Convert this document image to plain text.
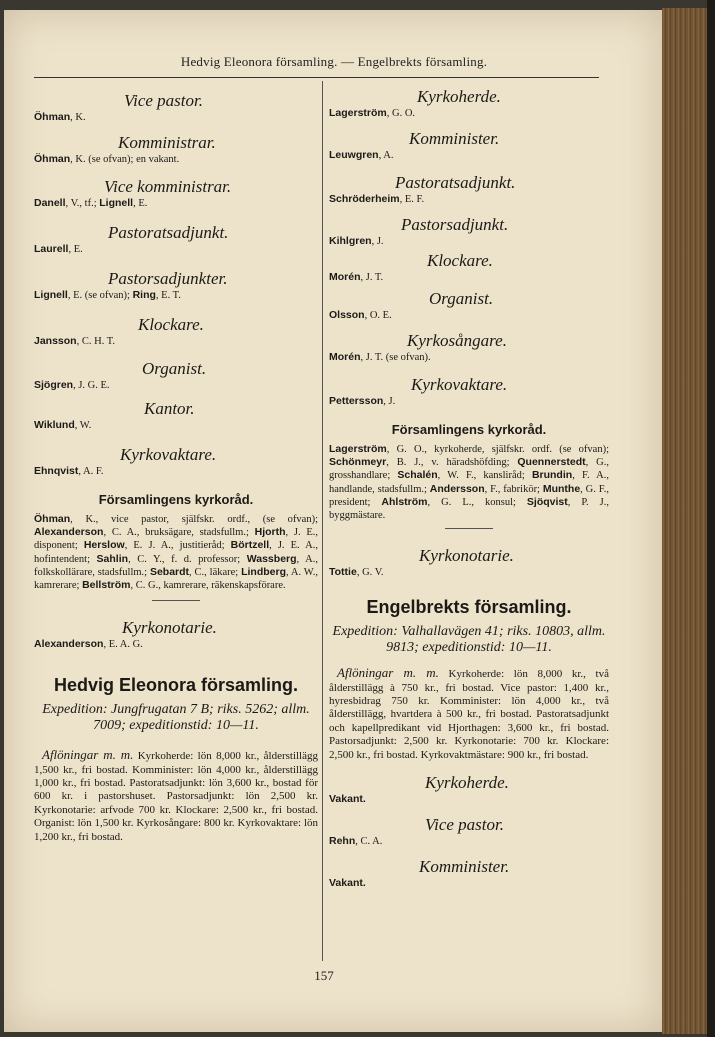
Hedvig Eleonora församling. — Engelbrekts församling.

Vice pastor.

Öhman, K.

Komministrar.

Öhman, K. (se ofvan); en vakant.

Vice komministrar.

Danell, V., tf.; Lignell, E.

Pastoratsadjunkt.

Laurell, E.

Pastorsadjunkter.

Lignell, E. (se ofvan); Ring, E. T.

Klockare.

Jansson, C. H. T.

Organist.

Sjögren, J. G. E.

Kantor.

Wiklund, W.

Kyrkovaktare.

Ehnqvist, A. F.

Församlingens kyrkoråd.

Öhman, K., vice pastor, själfskr. ordf., (se ofvan); Alexanderson, C. A., bruksägare, stadsfullm.; Hjorth, J. E., disponent; Herslow, E. J. A., justitieråd; Börtzell, J. E. A., hofintendent; Sahlin, C. Y., f. d. professor; Wassberg, A., folkskollärare, stadsfullm.; Sebardt, C., läkare; Lindberg, A. W., kamrerare; Bellström, C. G., kamrerare, räkenskapsförare.

Kyrkonotarie.

Alexanderson, E. A. G.

Hedvig Eleonora församling.

Expedition: Jungfrugatan 7 B; riks. 5262; allm. 7009; expeditionstid: 10—11.

Aflöningar m. m. Kyrkoherde: lön 8,000 kr., ålderstillägg 1,500 kr., fri bostad. Komminister: lön 4,000 kr., ålderstillägg 1,000 kr., fri bostad. Pastoratsadjunkt: lön 3,600 kr., bostad för 600 kr. i pastorshuset. Pastorsadjunkt: lön 2,500 kr. Kyrkonotarie: arfvode 700 kr. Klockare: 2,500 kr., fri bostad. Organist: lön 1,500 kr. Kyrkosångare: 800 kr. Kyrkovaktare: lön 1,200 kr., fri bostad.

Kyrkoherde.

Lagerström, G. O.

Komminister.

Leuwgren, A.

Pastoratsadjunkt.

Schröderheim, E. F.

Pastorsadjunkt.

Kihlgren, J.

Klockare.

Morén, J. T.

Organist.

Olsson, O. E.

Kyrkosångare.

Morén, J. T. (se ofvan).

Kyrkovaktare.

Pettersson, J.

Församlingens kyrkoråd.

Lagerström, G. O., kyrkoherde, själfskr. ordf. (se ofvan); Schönmeyr, B. J., v. häradshöfding; Quennerstedt, G., grosshandlare; Schalén, W. F., kansliråd; Brundin, F. A., handlande, stadsfullm.; Andersson, F., fabrikör; Munthe, G. F., president; Ahlström, G. L., konsul; Sjöqvist, P. J., byggmästare.

Kyrkonotarie.

Tottie, G. V.

Engelbrekts församling.

Expedition: Valhallavägen 41; riks. 10803, allm. 9813; expeditionstid: 10—11.

Aflöningar m. m. Kyrkoherde: lön 8,000 kr., två ålderstillägg à 750 kr., fri bostad. Vice pastor: 1,400 kr., hyresbidrag 750 kr. Komminister: lön 4,000 kr., två ålderstillägg, hvartdera à 500 kr., fri bostad. Pastoratsadjunkt och kapellpredikant vid Hjorthagen: 3,600 kr., fri bostad. Pastorsadjunkt: 2,500 kr. Kyrkonotarie: 700 kr. Klockare: 2,500 kr., fri bostad. Kyrkovaktmästare: 900 kr., fri bostad.

Kyrkoherde.

Vakant.

Vice pastor.

Rehn, C. A.

Komminister.

Vakant.

157
